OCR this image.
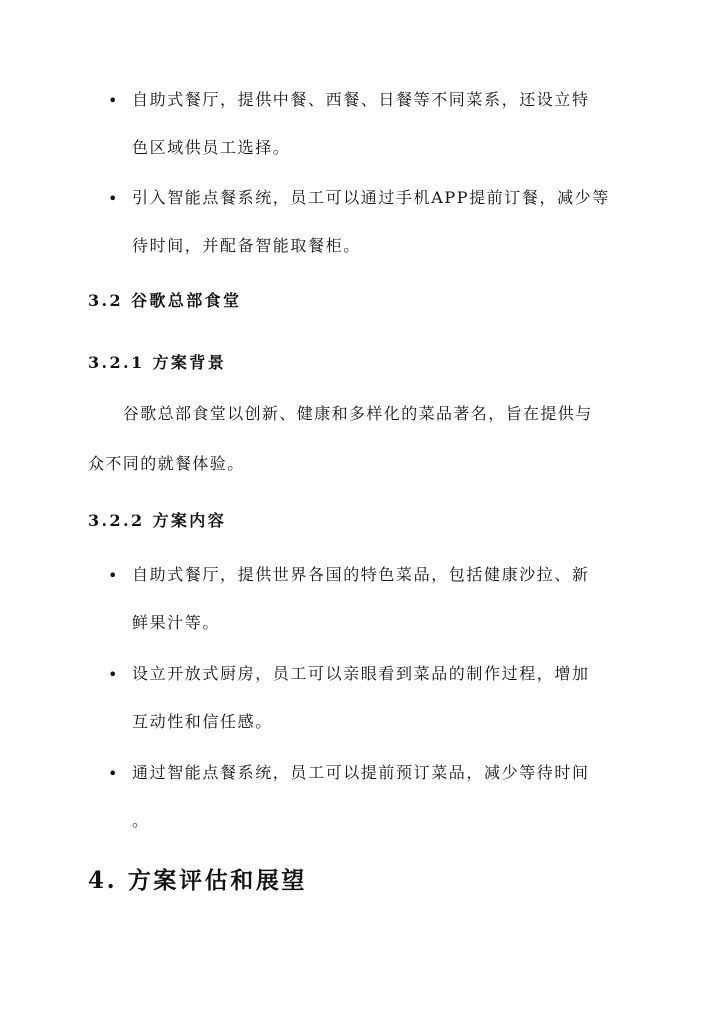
• 自助式餐厅，提供中餐、西餐、日餐等不同菜系，还设立特
色区域供员工选择。
• 引入智能点餐系统，员工可以通过手机APP提前订餐，减少等
待时间，并配备智能取餐柜。
3.2 谷歌总部食堂
3.2.1 方案背景
　　谷歌总部食堂以创新、健康和多样化的菜品著名，旨在提供与
众不同的就餐体验。
3.2.2 方案内容
• 自助式餐厅，提供世界各国的特色菜品，包括健康沙拉、新
鲜果汁等。
• 设立开放式厨房，员工可以亲眼看到菜品的制作过程，增加
互动性和信任感。
• 通过智能点餐系统，员工可以提前预订菜品，减少等待时间
。
4. 方案评估和展望
